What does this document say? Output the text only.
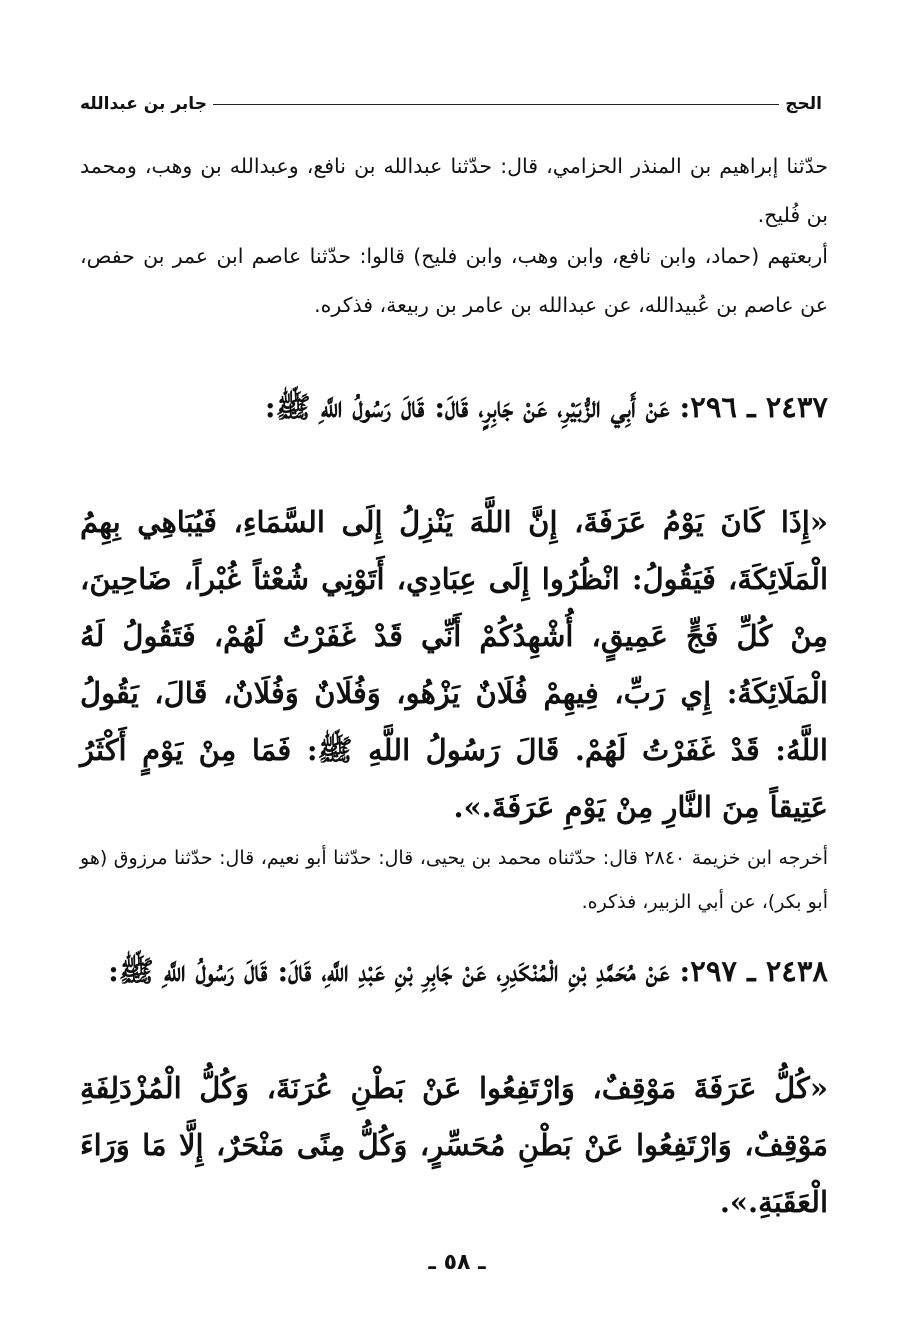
الحج
جابر بن عبدالله
حدّثنا إبراهيم بن المنذر الحزامي، قال: حدّثنا عبدالله بن نافع، وعبدالله بن وهب، ومحمد بن فُليح.
أربعتهم (حماد، وابن نافع، وابن وهب، وابن فليح) قالوا: حدّثنا عاصم ابن عمر بن حفص، عن عاصم بن عُبيدالله، عن عبدالله بن عامر بن ربيعة، فذكره.
٢٤٣٧ ـ ٢٩٦: عَنْ أَبِي الزُّبَيْرِ، عَنْ جَابِرٍ، قَالَ: قَالَ رَسُولُ اللَّهِ ﷺ:
«إِذَا كَانَ يَوْمُ عَرَفَةَ، إِنَّ اللَّهَ يَنْزِلُ إِلَى السَّمَاءِ، فَيُبَاهِي بِهِمُ الْمَلَائِكَةَ، فَيَقُولُ: انْظُرُوا إِلَى عِبَادِي، أَتَوْنِي شُعْثاً غُبْراً، ضَاحِينَ، مِنْ كُلِّ فَجٍّ عَمِيقٍ، أُشْهِدُكُمْ أَنِّي قَدْ غَفَرْتُ لَهُمْ، فَتَقُولُ لَهُ الْمَلَائِكَةُ: إِي رَبِّ، فِيهِمْ فُلَانٌ يَزْهُو، وَفُلَانٌ وَفُلَانٌ، قَالَ، يَقُولُ اللَّهُ: قَدْ غَفَرْتُ لَهُمْ. قَالَ رَسُولُ اللَّهِ ﷺ: فَمَا مِنْ يَوْمٍ أَكْثَرُ عَتِيقاً مِنَ النَّارِ مِنْ يَوْمِ عَرَفَةَ.».
أخرجه ابن خزيمة ٢٨٤٠ قال: حدّثناه محمد بن يحيى، قال: حدّثنا أبو نعيم، قال: حدّثنا مرزوق (هو أبو بكر)، عن أبي الزبير، فذكره.
٢٤٣٨ ـ ٢٩٧: عَنْ مُحَمَّدِ بْنِ الْمُنْكَدِرِ، عَنْ جَابِرِ بْنِ عَبْدِ اللَّهِ، قَالَ: قَالَ رَسُولُ اللَّهِ ﷺ:
«كُلُّ عَرَفَةَ مَوْقِفٌ، وَارْتَفِعُوا عَنْ بَطْنِ عُرَنَةَ، وَكُلُّ الْمُزْدَلِفَةِ مَوْقِفٌ، وَارْتَفِعُوا عَنْ بَطْنِ مُحَسِّرٍ، وَكُلُّ مِنًى مَنْحَرٌ، إِلَّا مَا وَرَاءَ الْعَقَبَةِ.».
ـ ٥٨ ـ
